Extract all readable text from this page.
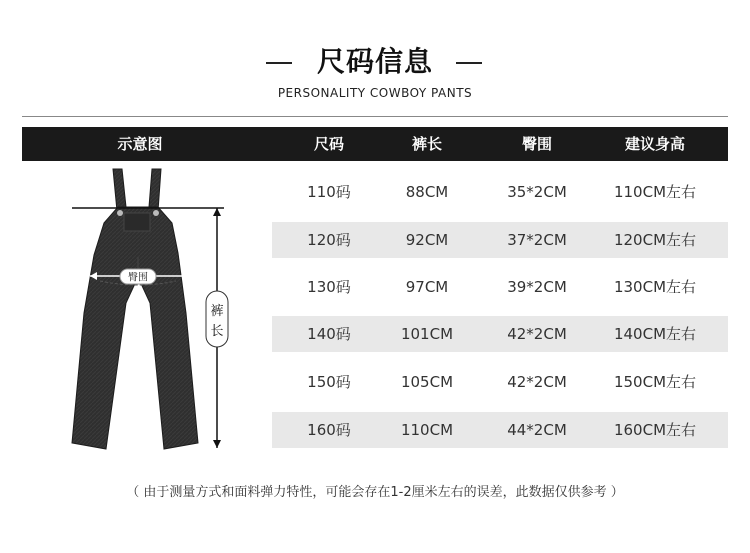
尺码信息
PERSONALITY COWBOY PANTS
示意图	尺码	裤长	臀围	建议身高
110码	88CM	35*2CM	110CM左右
120码	92CM	37*2CM	120CM左右
130码	97CM	39*2CM	130CM左右
140码	101CM	42*2CM	140CM左右
150码	105CM	42*2CM	150CM左右
160码	110CM	44*2CM	160CM左右
臀围
裤
长
（ 由于测量方式和面料弹力特性，可能会存在1-2厘米左右的误差，此数据仅供参考 ）
